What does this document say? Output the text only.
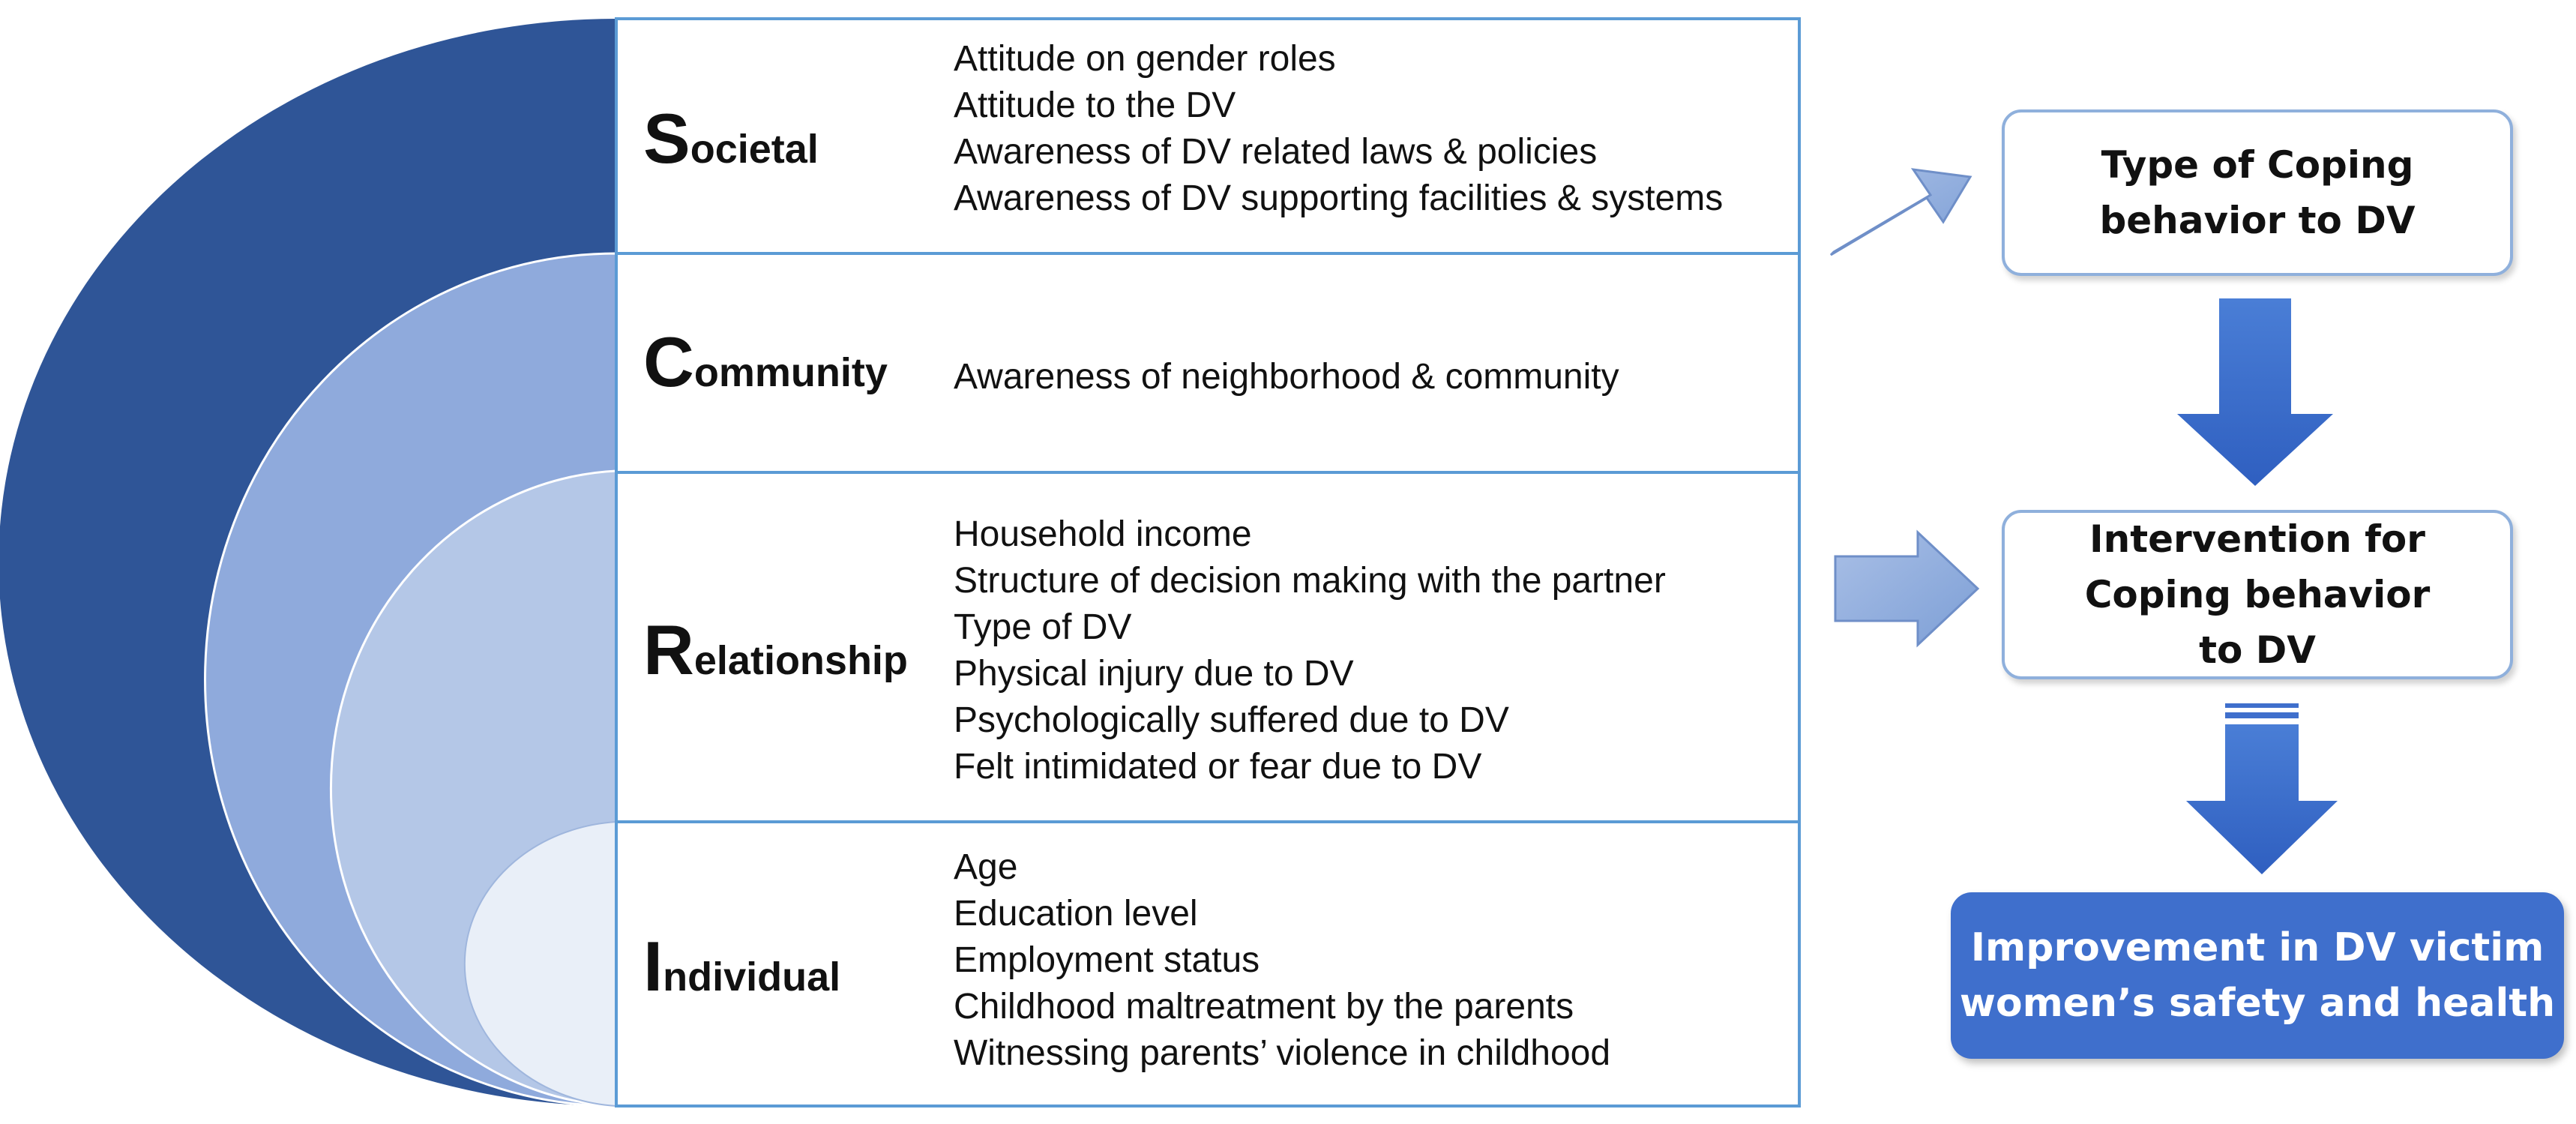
Societal
Community
Relationship
Individual
Attitude on gender roles
Attitude to the DV
Awareness of DV related laws & policies
Awareness of DV supporting facilities & systems
Awareness of neighborhood & community
Household income
Structure of decision making with the partner
Type of DV
Physical injury due to DV
Psychologically suffered due to DV
Felt intimidated or fear due to DV
Age
Education level
Employment status
Childhood maltreatment by the parents
Witnessing parents’ violence in childhood
Type of Coping
behavior to DV
Intervention for
Coping behavior
to DV
Improvement in DV victim
women’s safety and health
